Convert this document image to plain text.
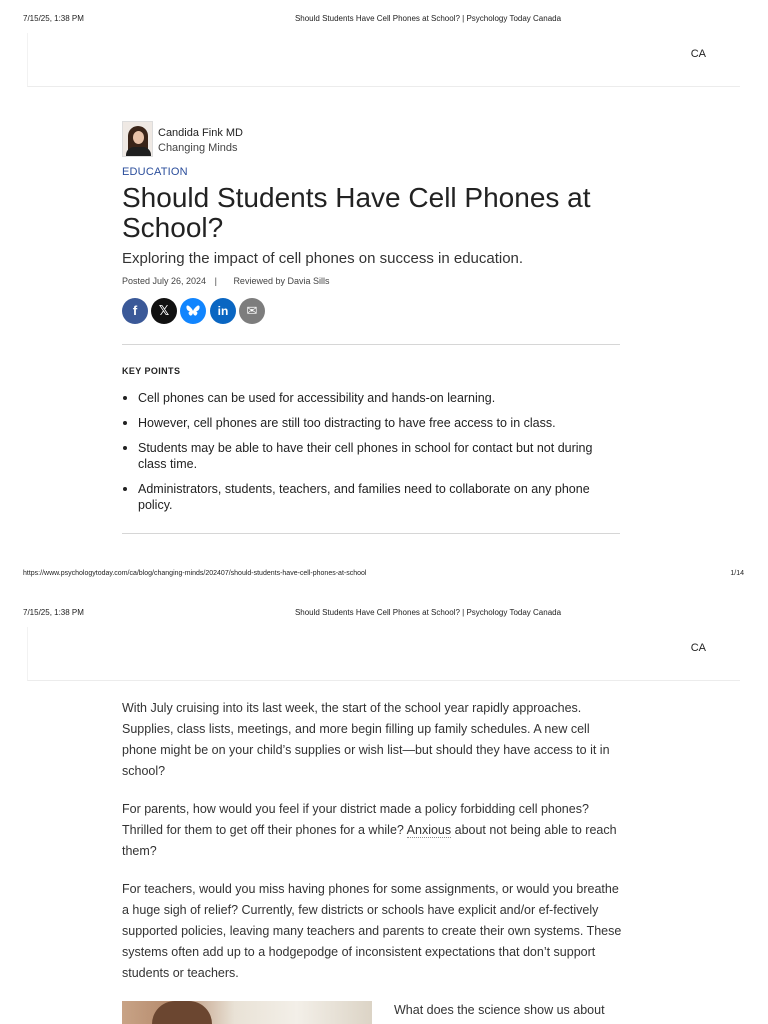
7/15/25, 1:38 PM	Should Students Have Cell Phones at School? | Psychology Today Canada
CA
Candida Fink MD
Changing Minds
EDUCATION
Should Students Have Cell Phones at School?
Exploring the impact of cell phones on success in education.
Posted July 26, 2024 | Reviewed by Davia Sills
f	𝕏	in	✉
KEY POINTS
Cell phones can be used for accessibility and hands-on learning.
However, cell phones are still too distracting to have free access to in class.
Students may be able to have their cell phones in school for contact but not during class time.
Administrators, students, teachers, and families need to collaborate on any phone policy.
https://www.psychologytoday.com/ca/blog/changing-minds/202407/should-students-have-cell-phones-at-school	1/14
7/15/25, 1:38 PM	Should Students Have Cell Phones at School? | Psychology Today Canada
CA

With July cruising into its last week, the start of the school year rapidly approaches. Supplies, class lists, meetings, and more begin filling up family schedules. A new cell phone might be on your child’s supplies or wish list—but should they have access to it in school?

For parents, how would you feel if your district made a policy forbidding cell phones? Thrilled for them to get off their phones for a while? Anxious about not being able to reach them?

For teachers, would you miss having phones for some assignments, or would you breathe a huge sigh of relief? Currently, few districts or schools have explicit and/or ef-fectively supported policies, leaving many teachers and parents to create their own systems. These systems often add up to a hodgepodge of inconsistent expectations that don’t support students or teachers.

What does the science show us about
